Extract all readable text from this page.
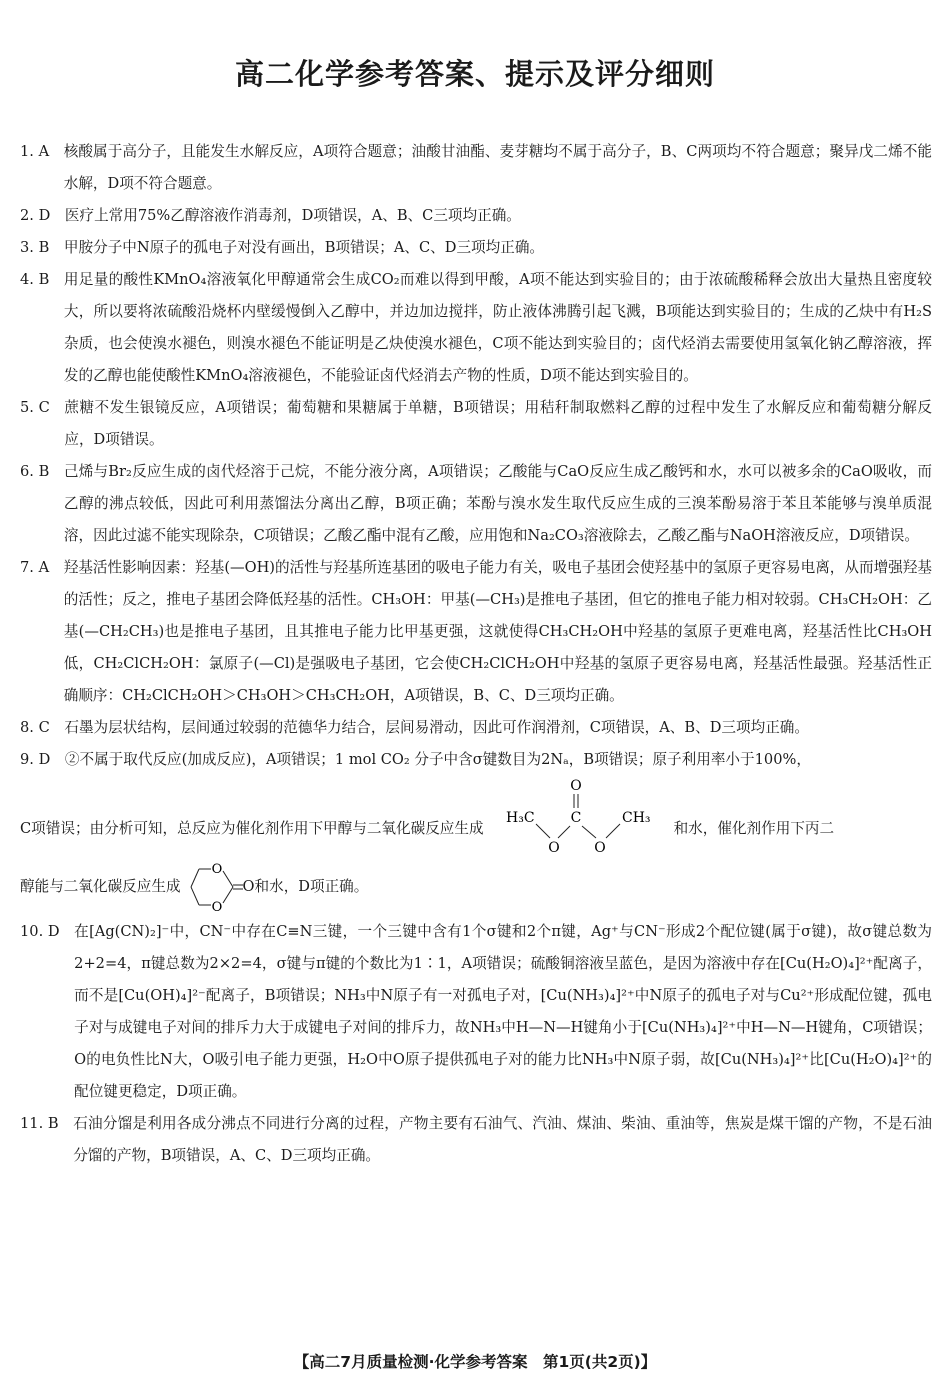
高二化学参考答案、提示及评分细则
1. A
　 核酸属于高分子，且能发生水解反应，A项符合题意；油酸甘油酯、麦芽糖均不属于高分子，B、C两项均不符合题意；聚异戊二烯不能水解，D项不符合题意。
2. D
　 医疗上常用75%乙醇溶液作消毒剂，D项错误，A、B、C三项均正确。
3. B
　 甲胺分子中N原子的孤电子对没有画出，B项错误；A、C、D三项均正确。
4. B
　 用足量的酸性KMnO₄溶液氧化甲醇通常会生成CO₂而难以得到甲酸，A项不能达到实验目的；由于浓硫酸稀释会放出大量热且密度较大，所以要将浓硫酸沿烧杯内壁缓慢倒入乙醇中，并边加边搅拌，防止液体沸腾引起飞溅，B项能达到实验目的；生成的乙炔中有H₂S杂质，也会使溴水褪色，则溴水褪色不能证明是乙炔使溴水褪色，C项不能达到实验目的；卤代烃消去需要使用氢氧化钠乙醇溶液，挥发的乙醇也能使酸性KMnO₄溶液褪色，不能验证卤代烃消去产物的性质，D项不能达到实验目的。
5. C
　 蔗糖不发生银镜反应，A项错误；葡萄糖和果糖属于单糖，B项错误；用秸秆制取燃料乙醇的过程中发生了水解反应和葡萄糖分解反应，D项错误。
6. B
　 己烯与Br₂反应生成的卤代烃溶于己烷，不能分液分离，A项错误；乙酸能与CaO反应生成乙酸钙和水，水可以被多余的CaO吸收，而乙醇的沸点较低，因此可利用蒸馏法分离出乙醇，B项正确；苯酚与溴水发生取代反应生成的三溴苯酚易溶于苯且苯能够与溴单质混溶，因此过滤不能实现除杂，C项错误；乙酸乙酯中混有乙酸，应用饱和Na₂CO₃溶液除去，乙酸乙酯与NaOH溶液反应，D项错误。
7. A
　 羟基活性影响因素：羟基(—OH)的活性与羟基所连基团的吸电子能力有关，吸电子基团会使羟基中的氢原子更容易电离，从而增强羟基的活性；反之，推电子基团会降低羟基的活性。CH₃OH：甲基(—CH₃)是推电子基团，但它的推电子能力相对较弱。CH₃CH₂OH：乙基(—CH₂CH₃)也是推电子基团，且其推电子能力比甲基更强，这就使得CH₃CH₂OH中羟基的氢原子更难电离，羟基活性比CH₃OH低，CH₂ClCH₂OH：氯原子(—Cl)是强吸电子基团，它会使CH₂ClCH₂OH中羟基的氢原子更容易电离，羟基活性最强。羟基活性正确顺序：CH₂ClCH₂OH＞CH₃OH＞CH₃CH₂OH，A项错误，B、C、D三项均正确。
8. C
　 石墨为层状结构，层间通过较弱的范德华力结合，层间易滑动，因此可作润滑剂，C项错误，A、B、D三项均正确。
9. D
　 ②不属于取代反应(加成反应)，A项错误；1 mol CO₂ 分子中含σ键数目为2Nₐ，B项错误；原子利用率小于100%，
C项错误；由分析可知，总反应为催化剂作用下甲醇与二氧化碳反应生成
O
H₃C	C	CH₃
O O
和水，催化剂作用下丙二
醇能与二氧化碳反应生成
O
O
O和水，D项正确。
10. D
　 在[Ag(CN)₂]⁻中，CN⁻中存在C≡N三键，一个三键中含有1个σ键和2个π键，Ag⁺与CN⁻形成2个配位键(属于σ键)，故σ键总数为2+2=4，π键总数为2×2=4，σ键与π键的个数比为1∶1，A项错误；硫酸铜溶液呈蓝色，是因为溶液中存在[Cu(H₂O)₄]²⁺配离子，而不是[Cu(OH)₄]²⁻配离子，B项错误；NH₃中N原子有一对孤电子对，[Cu(NH₃)₄]²⁺中N原子的孤电子对与Cu²⁺形成配位键，孤电子对与成键电子对间的排斥力大于成键电子对间的排斥力，故NH₃中H—N—H键角小于[Cu(NH₃)₄]²⁺中H—N—H键角，C项错误；O的电负性比N大，O吸引电子能力更强，H₂O中O原子提供孤电子对的能力比NH₃中N原子弱，故[Cu(NH₃)₄]²⁺比[Cu(H₂O)₄]²⁺的配位键更稳定，D项正确。
11. B
　 石油分馏是利用各成分沸点不同进行分离的过程，产物主要有石油气、汽油、煤油、柴油、重油等，焦炭是煤干馏的产物，不是石油分馏的产物，B项错误，A、C、D三项均正确。
【高二7月质量检测·化学参考答案　第1页(共2页)】
